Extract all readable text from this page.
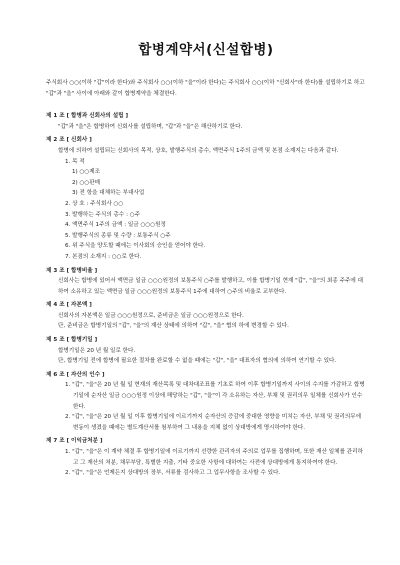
합병계약서(신설합병)

주식회사 ○○(이하 "갑"이라 한다)와 주식회사 ○○(이하 "을"이라 한다)는 주식회사 ○○(이하 "신회사"라 한다)를 설립하기로 하고 "갑"과 "을" 사이에 아래와 같이 합병계약을 체결한다.

제 1 조 [ 합병과 신회사의 설립 ]

"갑"과 "을"은 합병하여 신회사를 설립하며, "갑"과 "을"은 해산하기로 한다.

제 2 조 [ 신회사 ]

합병에 의하여 설립되는 신회사의 목적, 상호, 발행주식의 총수, 액면주식 1주의 금액 및 본점 소재지는 다음과 같다.

1. 목 적

1) ○○제조

2) ○○판매

3) 전 항을 대체하는 부대사업

2. 상 호 : 주식회사 ○○

3. 발행하는 주식의 총수 : ○주

4. 액면주식 1주의 금액 : 일금 ○○○원정

5. 발행주식의 종류 및 수량 : 보통주식 ○주

6. 위 주식을 양도할 때에는 이사회의 승인을 얻어야 한다.

7. 본점의 소재지 : ○○로 한다.

제 3 조 [ 합병비율 ]

신회사는 합병에 있어서 액면금 일금 ○○○원정의 보통주식 ○주를 발행하고, 이를 합병기일 현재 "갑", "을"의 최종 주주에 대하여 소유하고 있는 액면금 일금 ○○○원정의 보통주식 1주에 대하여 ○주의 비율로 교부한다.

제 4 조 [ 자본액 ]

신회사의 자본액은 일금 ○○○원정으로, 준비금은 일금 ○○○원정으로 한다.

단, 준비금은 합병기일의 "갑", "을"의 재산 상태에 의하여 "갑", "을" 협의 하에 변경할 수 있다.

제 5 조 [ 합병기일 ]

합병기일은 20 년 월 일로 한다.

단, 합병기일 전에 합병에 필요한 절차를 완료할 수 없을 때에는 "갑", "을" 대표자의 협의에 의하여 연기할 수 있다.

제 6 조 [ 자산의 인수 ]

1. "갑", "을"은 20 년 월 일 현재의 재산목록 및 대차대조표를 기초로 하여 이후 합병기일까지 사이의 수지를 가감하고 합병기일에 순자산 일금 ○○○원정 이상에 해당하는 "갑", "을"이 각 소유하는 자산, 부채 및 권리의무 일체를 신회사가 인수한다.

2. "갑", "을"은 20 년 월 일 이후 합병기일에 이르기까지 순자산의 증감에 중대한 영향을 미치는 자산, 부채 및 권리의무에 변동이 생겼을 때에는 별도계산서를 첨부하여 그 내용을 지체 없이 상대방에게 명시하여야 한다.

제 7 조 [ 이익금처분 ]

1. "갑", "을"은 이 계약 체결 후 합병기일에 이르기까지 선량한 관리자의 주의로 업무를 집행하며, 또한 재산 일체를 관리하고 그 재산의 처분, 채무부담, 특별한 지출, 기타 중요한 사항에 대하여는 사전에 상대방에게 통지하여야 한다.

2. "갑", "을"은 언제든지 상대방의 장부, 서류를 검사하고 그 업무사항을 조사할 수 있다.
